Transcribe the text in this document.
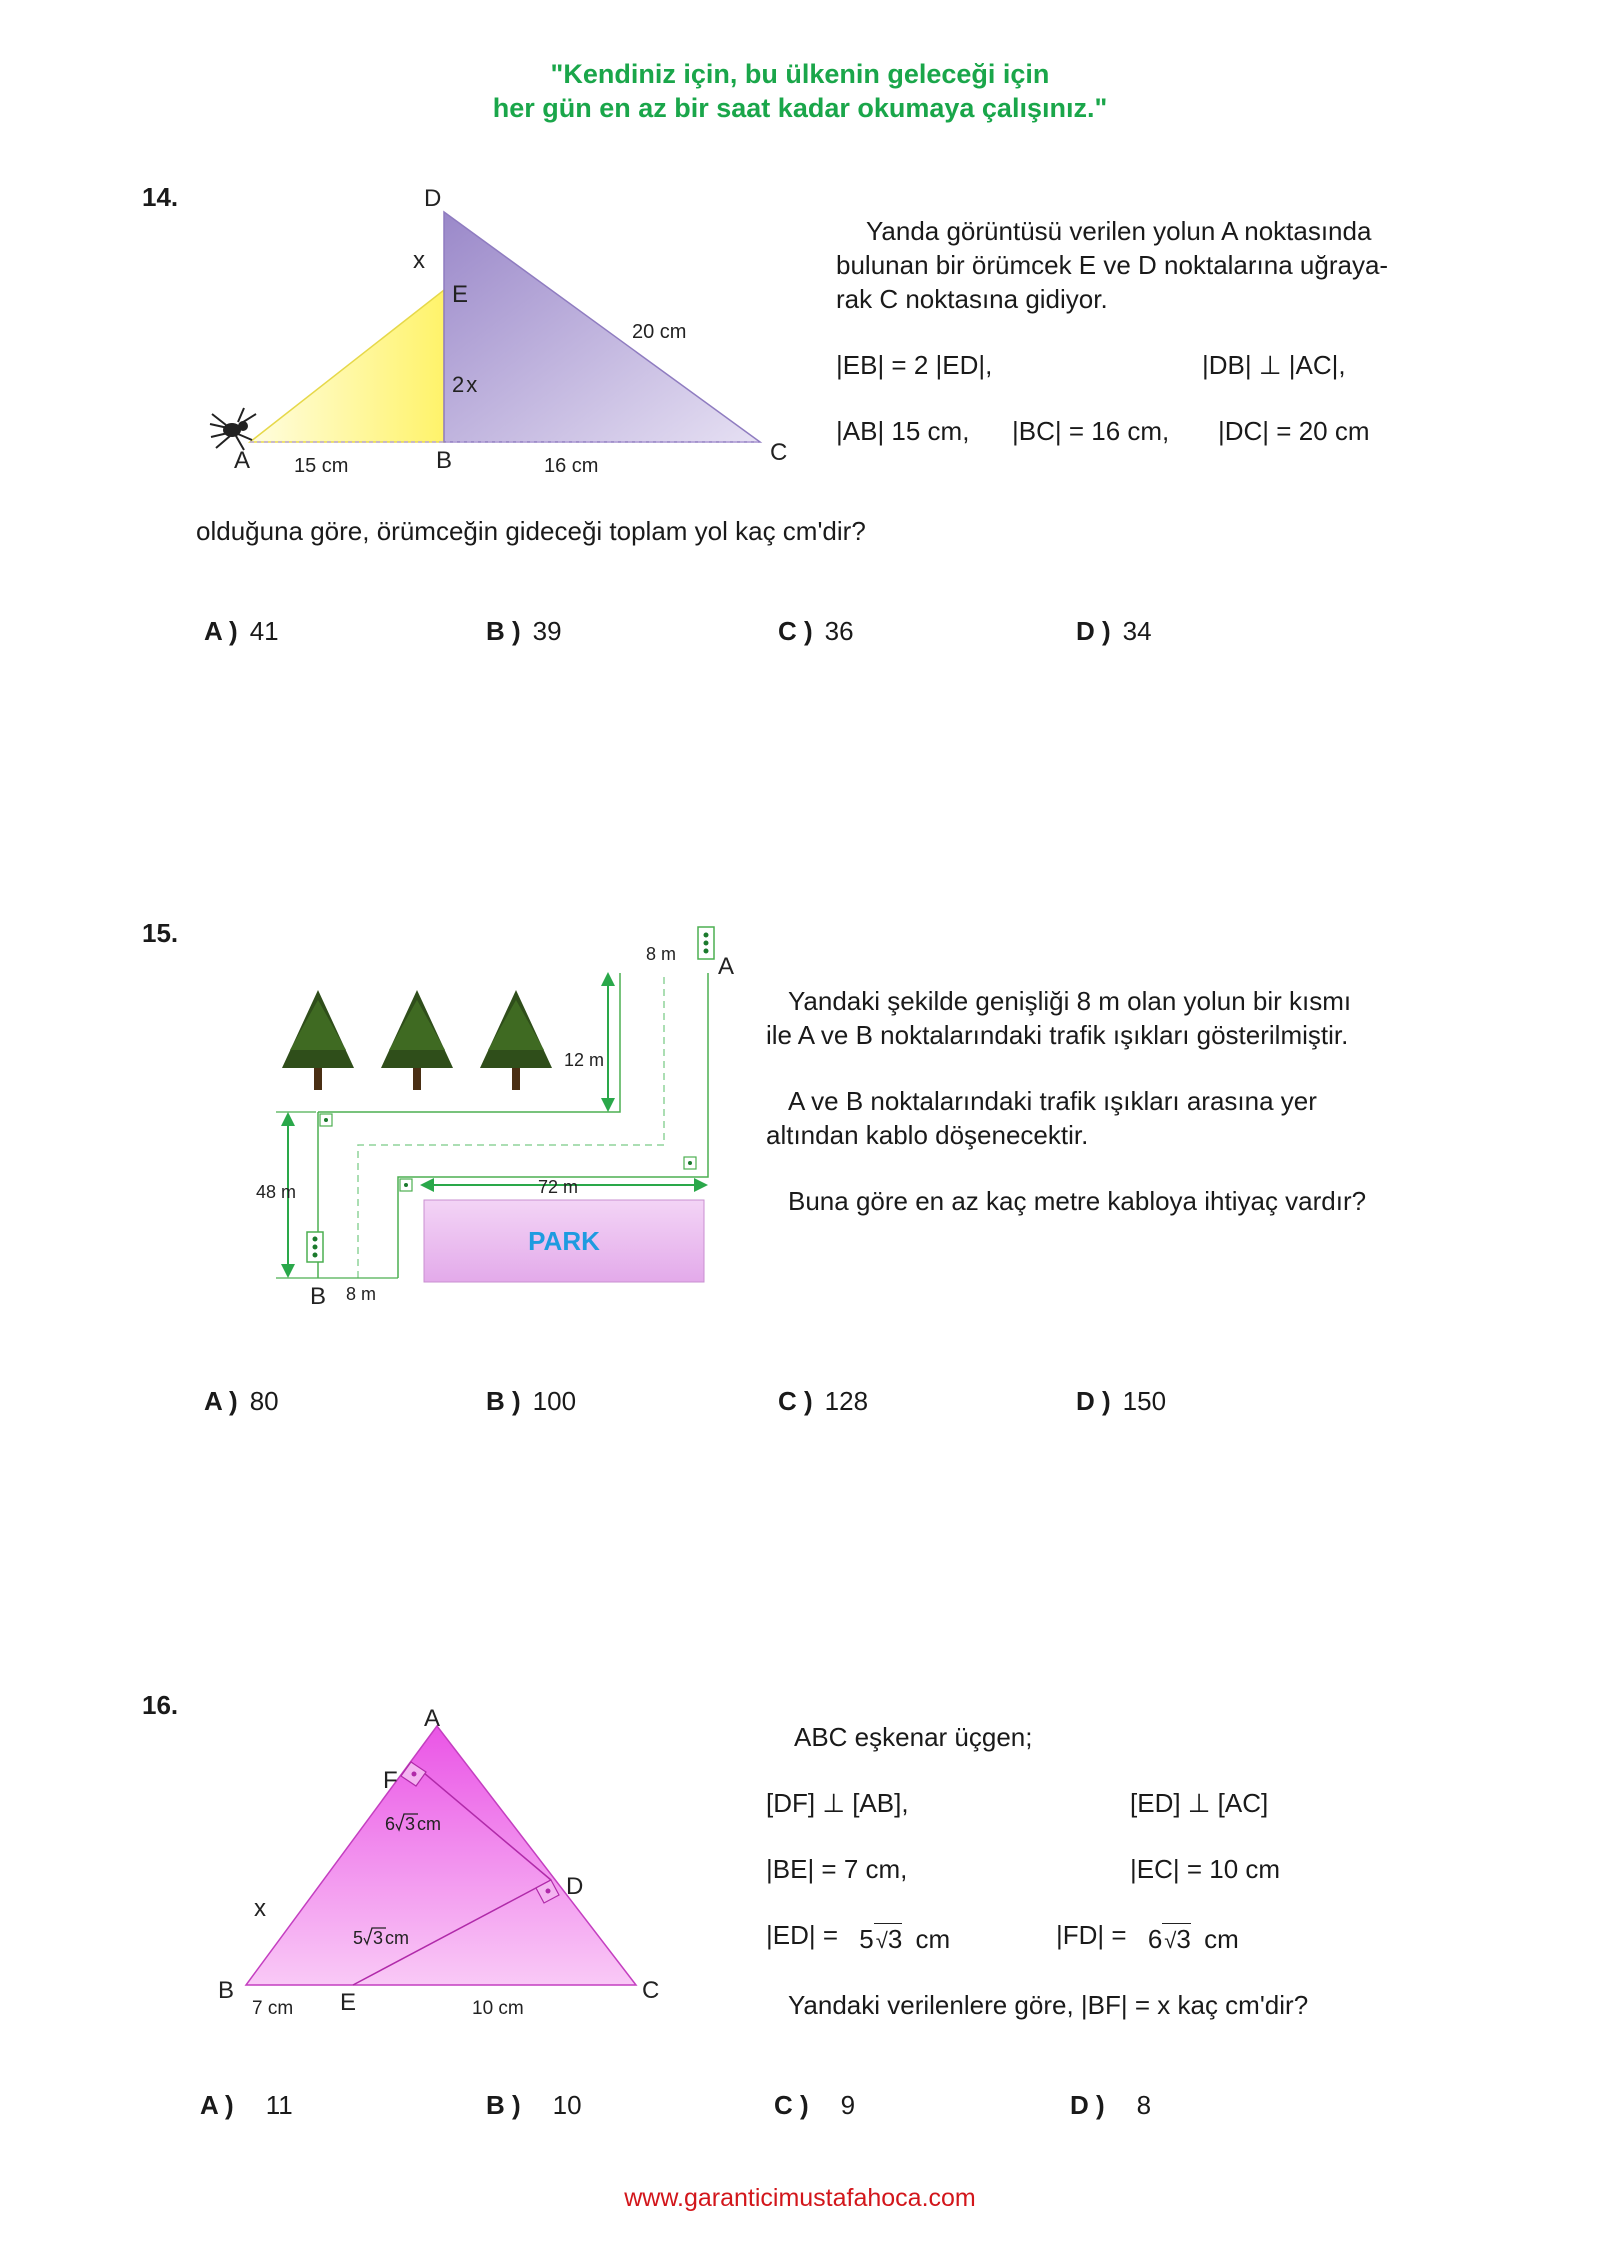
"Kendiniz için, bu ülkenin geleceği için
her gün en az bir saat kadar okumaya çalışınız."
14.	D
x
E
20 cm
2x
A 15 cm	B	16 cm	C
Yanda görüntüsü verilen yolun A noktasında
bulunan bir örümcek E ve D noktalarına uğraya-
rak C noktasına gidiyor.
|EB| = 2 |ED|,	|DB| ⊥ |AC|,
|AB| 15 cm, |BC| = 16 cm, |DC| = 20 cm
olduğuna göre, örümceğin gideceği toplam yol kaç cm'dir?
A ) 41	B ) 39	C ) 36	D ) 34
15.
PARK
8 m A
12 m
48 m	72 m
B 8 m
Yandaki şekilde genişliği 8 m olan yolun bir kısmı
ile A ve B noktalarındaki trafik ışıkları gösterilmiştir.
A ve B noktalarındaki trafik ışıkları arasına yer
altından kablo döşenecektir.
Buna göre en az kaç metre kabloya ihtiyaç vardır?
A ) 80	B ) 100	C ) 128	D ) 150
16.	A
F
D
x
B	E	C
7 cm	10 cm
6 3 cm
5 3 cm
ABC eşkenar üçgen;
[DF] ⊥ [AB],	[ED] ⊥ [AC]
|BE| = 7 cm,	|EC| = 10 cm
|ED| = 5√3 cm	|FD| = 6√3 cm
Yandaki verilenlere göre, |BF| = x kaç cm'dir?
A ) 11	B ) 10	C ) 9	D ) 8
www.garanticimustafahoca.com
